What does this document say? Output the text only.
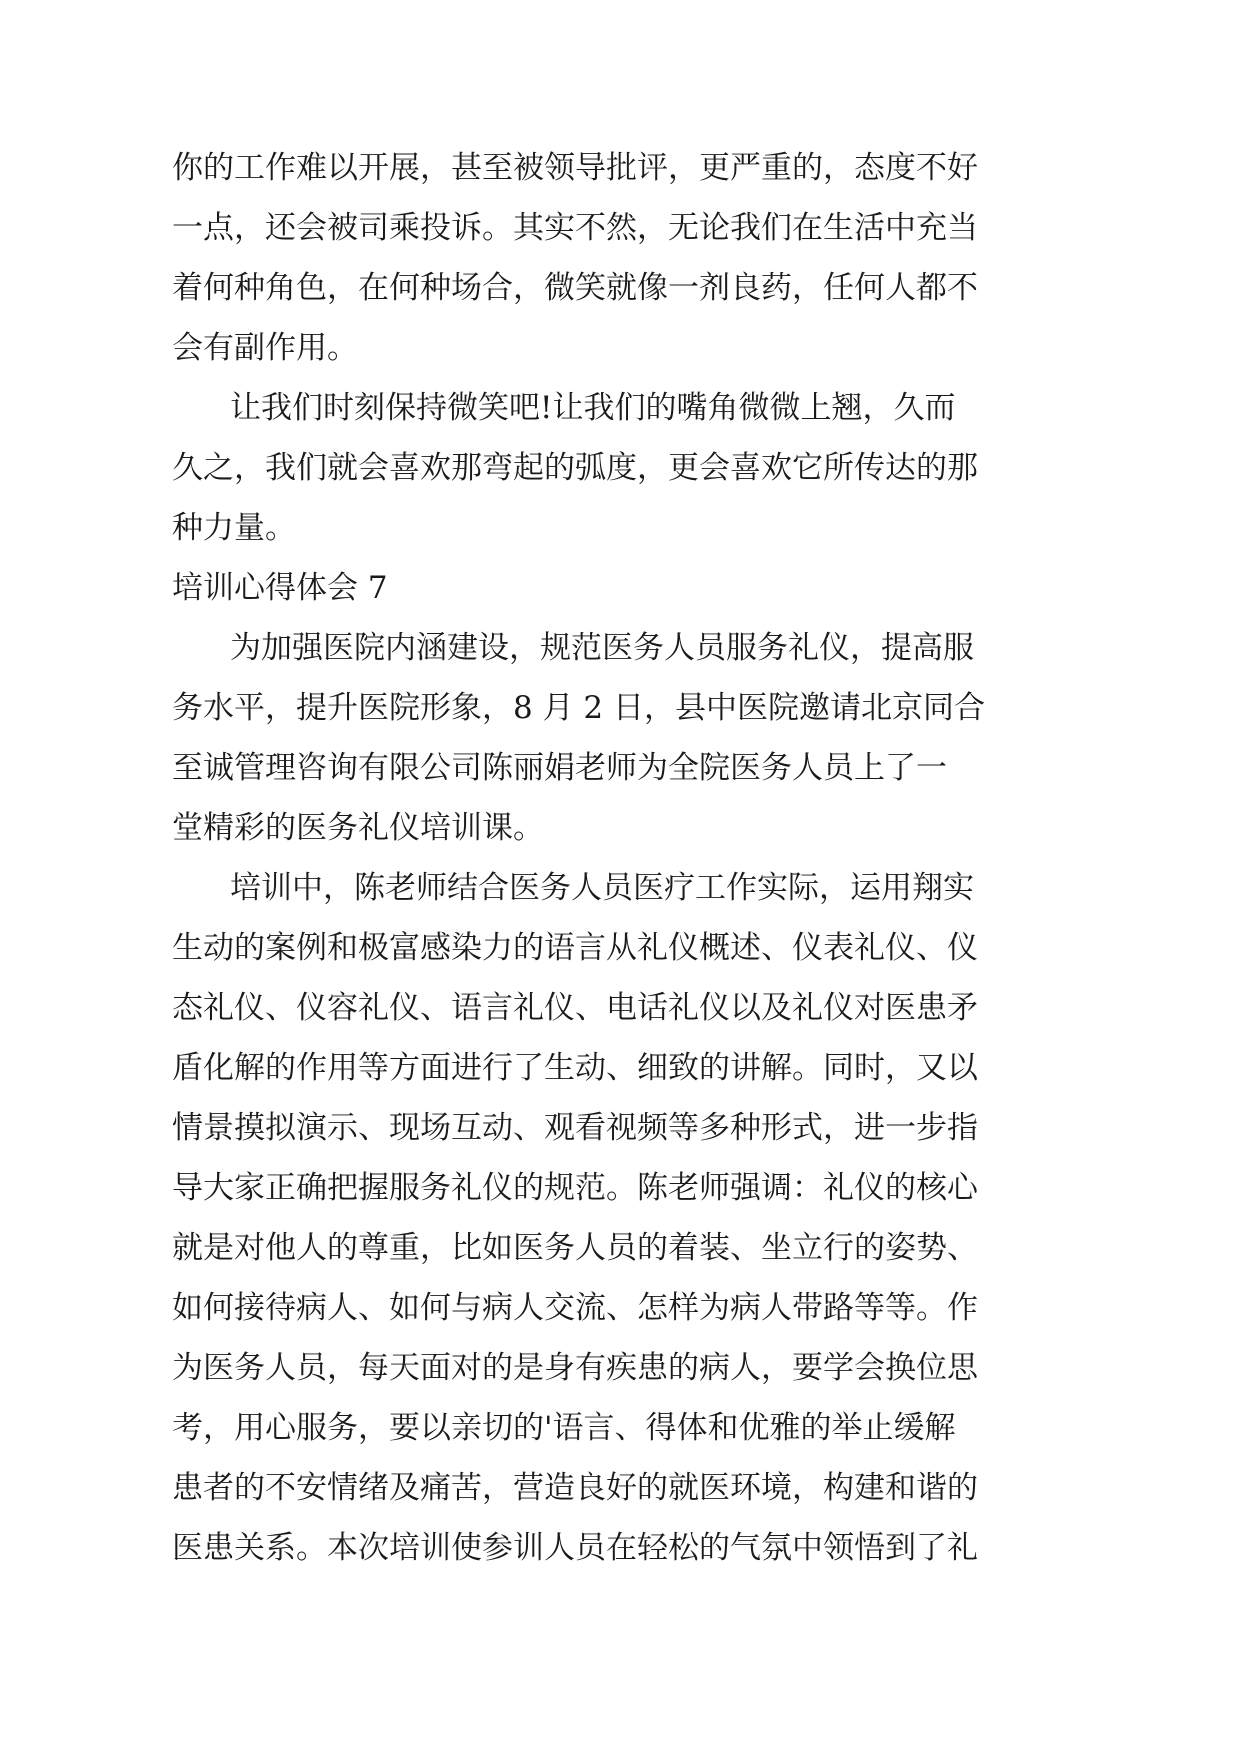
你的工作难以开展，甚至被领导批评，更严重的，态度不好
一点，还会被司乘投诉。其实不然，无论我们在生活中充当
着何种角色，在何种场合，微笑就像一剂良药，任何人都不
会有副作用。
让我们时刻保持微笑吧!让我们的嘴角微微上翘，久而
久之，我们就会喜欢那弯起的弧度，更会喜欢它所传达的那
种力量。
培训心得体会 7
为加强医院内涵建设，规范医务人员服务礼仪，提高服
务水平，提升医院形象，8 月 2 日，县中医院邀请北京同合
至诚管理咨询有限公司陈丽娟老师为全院医务人员上了一
堂精彩的医务礼仪培训课。
培训中，陈老师结合医务人员医疗工作实际，运用翔实
生动的案例和极富感染力的语言从礼仪概述、仪表礼仪、仪
态礼仪、仪容礼仪、语言礼仪、电话礼仪以及礼仪对医患矛
盾化解的作用等方面进行了生动、细致的讲解。同时，又以
情景摸拟演示、现场互动、观看视频等多种形式，进一步指
导大家正确把握服务礼仪的规范。陈老师强调：礼仪的核心
就是对他人的尊重，比如医务人员的着装、坐立行的姿势、
如何接待病人、如何与病人交流、怎样为病人带路等等。作
为医务人员，每天面对的是身有疾患的病人，要学会换位思
考，用心服务，要以亲切的'语言、得体和优雅的举止缓解
患者的不安情绪及痛苦，营造良好的就医环境，构建和谐的
医患关系。本次培训使参训人员在轻松的气氛中领悟到了礼
